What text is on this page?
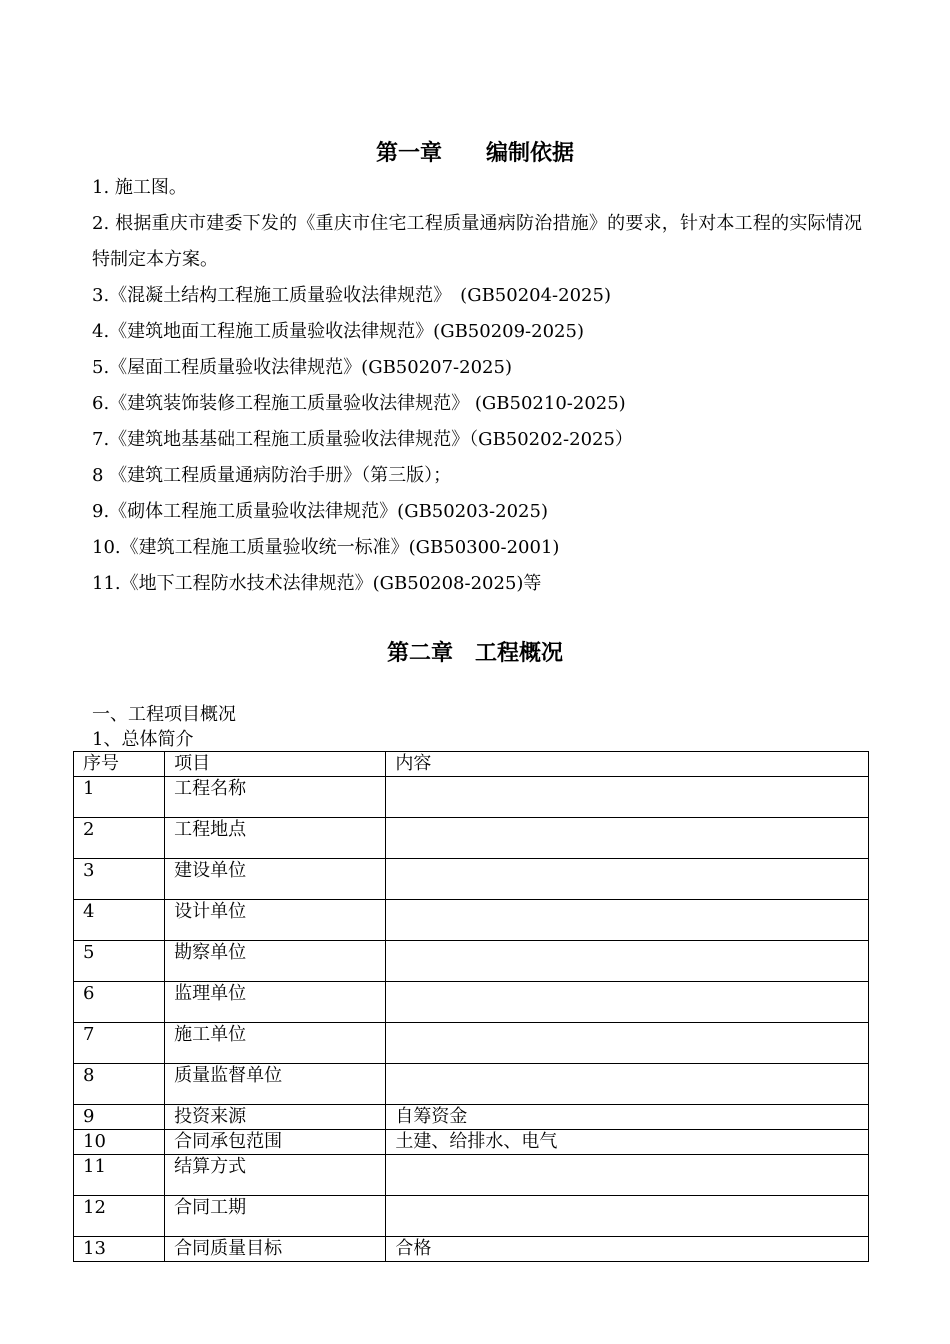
第一章　　编制依据
1. 施工图。
2. 根据重庆市建委下发的《重庆市住宅工程质量通病防治措施》的要求，针对本工程的实际情况特制定本方案。
3.《混凝土结构工程施工质量验收法律规范》　(GB50204-2025)
4.《建筑地面工程施工质量验收法律规范》(GB50209-2025)
5.《屋面工程质量验收法律规范》(GB50207-2025)
6.《建筑装饰装修工程施工质量验收法律规范》 (GB50210-2025)
7.《建筑地基基础工程施工质量验收法律规范》（GB50202-2025）
8 《建筑工程质量通病防治手册》（第三版）；
9.《砌体工程施工质量验收法律规范》(GB50203-2025)
10.《建筑工程施工质量验收统一标准》(GB50300-2001)
11.《地下工程防水技术法律规范》(GB50208-2025)等
第二章　工程概况
一、工程项目概况
1、总体简介
序号	项目	内容
1	工程名称	
2	工程地点	
3	建设单位	
4	设计单位	
5	勘察单位	
6	监理单位	
7	施工单位	
8	质量监督单位	
9	投资来源	自筹资金
10	合同承包范围	土建、给排水、电气
11	结算方式	
12	合同工期	
13	合同质量目标	合格
